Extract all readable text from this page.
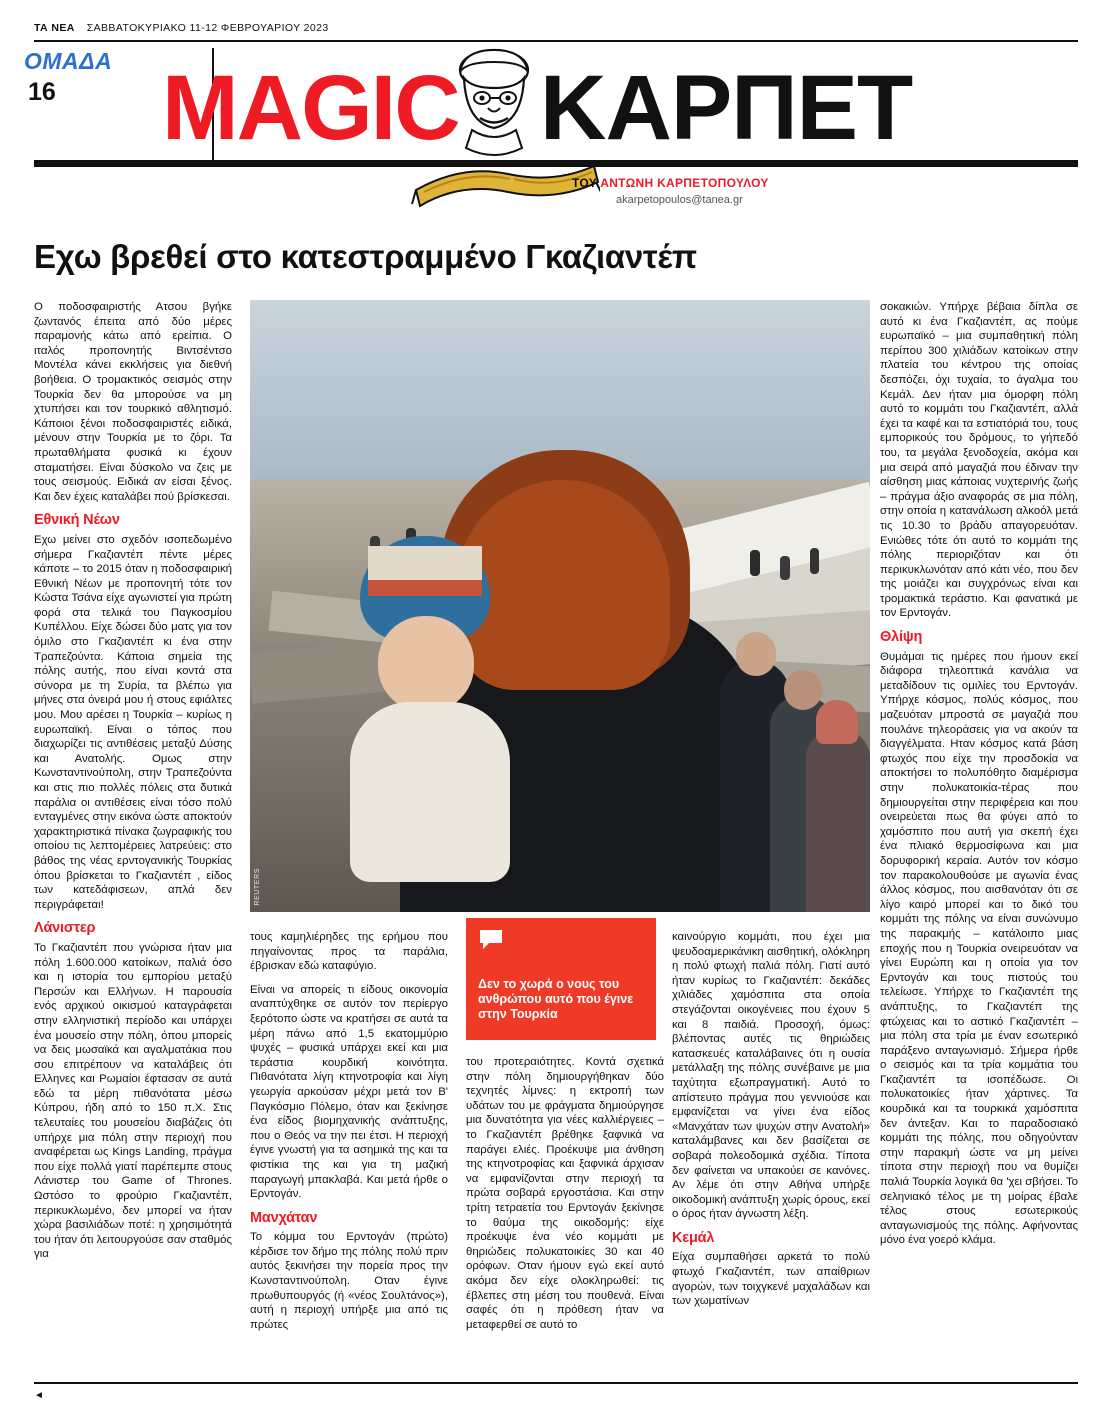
ΤΑ ΝΕΑ ΣΑΒΒΑΤΟΚΥΡΙΑΚΟ 11-12 ΦΕΒΡΟΥΑΡΙΟΥ 2023
ΟΜΑΔΑ
16 MAGIC ΚΑΡΠΕΤ
ΤΟΥ ΑΝΤΩΝΗ ΚΑΡΠΕΤΟΠΟΥΛΟΥ
akarpetopoulos@tanea.gr
Εχω βρεθεί στο κατεστραμμένο Γκαζιαντέπ
REUTERS
Δεν το χωρά ο νους του ανθρώπου αυτό που έγινε στην Τουρκία

Ο ποδοσφαιριστής Ατσου βγήκε ζωντανός έπειτα από δύο μέρες παραμονής κάτω από ερείπια. Ο ιταλός προπονητής Βιντσέντσο Μοντέλα κάνει εκκλήσεις για διεθνή βοήθεια. Ο τρομακτικός σεισμός στην Τουρκία δεν θα μπορούσε να μη χτυπήσει και τον τουρκικό αθλητισμό. Κάποιοι ξένοι ποδοσφαιριστές ειδικά, μένουν στην Τουρκία με το ζόρι. Τα πρωταθλήματα φυσικά κι έχουν σταματήσει. Είναι δύσκολο να ζεις με τους σεισμούς. Ειδικά αν είσαι ξένος. Και δεν έχεις καταλάβει πού βρίσκεσαι.

Εθνική Νέων

Εχω μείνει στο σχεδόν ισοπεδωμένο σήμερα Γκαζιαντέπ πέντε μέρες κάποτε – το 2015 όταν η ποδοσφαιρική Εθνική Νέων με προπονητή τότε τον Κώστα Τσάνα είχε αγωνιστεί για πρώτη φορά στα τελικά του Παγκοσμίου Κυπέλλου. Είχε δώσει δύο ματς για τον όμιλο στο Γκαζιαντέπ κι ένα στην Τραπεζούντα. Κάποια σημεία της πόλης αυτής, που είναι κοντά στα σύνορα με τη Συρία, τα βλέπω για μήνες στα όνειρά μου ή στους εφιάλτες μου. Μου αρέσει η Τουρκία – κυρίως η ευρωπαϊκή. Είναι ο τόπος που διαχωρίζει τις αντιθέσεις μεταξύ Δύσης και Ανατολής. Ομως στην Κωνσταντινούπολη, στην Τραπεζούντα και στις πιο πολλές πόλεις στα δυτικά παράλια οι αντιθέσεις είναι τόσο πολύ ενταγμένες στην εικόνα ώστε αποκτούν χαρακτηριστικά πίνακα ζωγραφικής του οποίου τις λεπτομέρειες λατρεύεις: στο βάθος της νέας ερντογανικής Τουρκίας όπου βρίσκεται το Γκαζιαντέπ , είδος των κατεδάφισεων, απλά δεν περιγράφεται!

Λάνιστερ

Το Γκαζιαντέπ που γνώρισα ήταν μια πόλη 1.600.000 κατοίκων, παλιά όσο και η ιστορία του εμπορίου μεταξύ Περσών και Ελλήνων. Η παρουσία ενός αρχικού οικισμού καταγράφεται στην ελληνιστική περίοδο και υπάρχει ένα μουσείο στην πόλη, όπου μπορείς να δεις μωσαϊκά και αγαλματάκια που σου επιτρέπουν να καταλάβεις ότι Ελληνες και Ρωμαίοι έφτασαν σε αυτά εδώ τα μέρη πιθανότατα μέσω Κύπρου, ήδη από το 150 π.Χ. Στις τελευταίες του μουσείου διαβάζεις ότι υπήρχε μια πόλη στην περιοχή που αναφέρεται ως Kings Landing, πράγμα που είχε πολλά γιατί παρέπεμπε στους Λάνιστερ του Game of Thrones. Ωστόσο το φρούριο Γκαζιαντέπ, περικυκλωμένο, δεν μπορεί να ήταν χώρα βασιλιάδων ποτέ: η χρησιμότητά του ήταν ότι λειτουργούσε σαν σταθμός για

τους καμηλιέρηδες της ερήμου που πηγαίνοντας προς τα παράλια, έβρισκαν εδώ καταφύγιο.

Είναι να απορείς τι είδους οικονομία αναπτύχθηκε σε αυτόν τον περίεργο ξερότοπο ώστε να κρατήσει σε αυτά τα μέρη πάνω από 1,5 εκατομμύριο ψυχές – φυσικά υπάρχει εκεί και μια τεράστια κουρδική κοινότητα. Πιθανότατα λίγη κτηνοτροφία και λίγη γεωργία αρκούσαν μέχρι μετά τον Β' Παγκόσμιο Πόλεμο, όταν και ξεκίνησε ένα είδος βιομηχανικής ανάπτυξης, που ο Θεός να την πει έτσι. Η περιοχή έγινε γνωστή για τα ασημικά της και τα φιστίκια της και για τη μαζική παραγωγή μπακλαβά. Και μετά ήρθε ο Ερντογάν.

Μανχάταν

Το κόμμα του Ερντογάν (πρώτο) κέρδισε τον δήμο της πόλης πολύ πριν αυτός ξεκινήσει την πορεία προς την Κωνσταντινούπολη. Οταν έγινε πρωθυπουργός (ή «νέος Σουλτάνος»), αυτή η περιοχή υπήρξε μια από τις πρώτες

του προτεραιότητες. Κοντά σχετικά στην πόλη δημιουργήθηκαν δύο τεχνητές λίμνες: η εκτροπή των υδάτων του με φράγματα δημιούργησε μια δυνατότητα για νέες καλλιέργειες – το Γκαζιαντέπ βρέθηκε ξαφνικά να παράγει ελιές. Προέκυψε μια άνθηση της κτηνοτροφίας και ξαφνικά άρχισαν να εμφανίζονται στην περιοχή τα πρώτα σοβαρά εργοστάσια. Και στην τρίτη τετραετία του Ερντογάν ξεκίνησε το θαύμα της οικοδομής: είχε προέκυψε ένα νέο κομμάτι με θηριώδεις πολυκατοικίες 30 και 40 ορόφων. Οταν ήμουν εγώ εκεί αυτό ακόμα δεν είχε ολοκληρωθεί: τις έβλεπες στη μέση του πουθενά. Είναι σαφές ότι η πρόθεση ήταν να μεταφερθεί σε αυτό το

καινούργιο κομμάτι, που έχει μια ψευδοαμερικάνικη αισθητική, ολόκληρη η πολύ φτωχή παλιά πόλη. Γιατί αυτό ήταν κυρίως το Γκαζιαντέπ: δεκάδες χιλιάδες χαμόσπιτα στα οποία στεγάζονται οικογένειες που έχουν 5 και 8 παιδιά. Προσοχή, όμως: βλέποντας αυτές τις θηριώδεις κατασκευές καταλάβαινες ότι η ουσία μετάλλαξη της πόλης συνέβαινε με μια ταχύτητα εξωπραγματική. Αυτό το απίστευτο πράγμα που γεννιούσε και εμφανίζεται να γίνει ένα είδος «Μανχάταν των ψυχών στην Ανατολή» καταλάμβανες και δεν βασίζεται σε σοβαρά πολεοδομικά σχέδια. Τίποτα δεν φαίνεται να υπακούει σε κανόνες. Αν λέμε ότι στην Αθήνα υπήρξε οικοδομική ανάπτυξη χωρίς όρους, εκεί ο όρος ήταν άγνωστη λέξη.

Κεμάλ

Είχα συμπαθήσει αρκετά το πολύ φτωχό Γκαζιαντέπ, των απαίθριων αγορών, των τοιχγκενέ μαχαλάδων και των χωματίνων

σοκακιών. Υπήρχε βέβαια δίπλα σε αυτό κι ένα Γκαζιαντέπ, ας πούμε ευρωπαϊκό – μια συμπαθητική πόλη περίπου 300 χιλιάδων κατοίκων στην πλατεία του κέντρου της οποίας δεσπόζει, όχι τυχαία, το άγαλμα του Κεμάλ. Δεν ήταν μια όμορφη πόλη αυτό το κομμάτι του Γκαζιαντέπ, αλλά έχει τα καφέ και τα εστιατόριά του, τους εμπορικούς του δρόμους, το γήπεδό του, τα μεγάλα ξενοδοχεία, ακόμα και μια σειρά από μαγαζιά που έδιναν την αίσθηση μιας κάποιας νυχτερινής ζωής – πράγμα άξιο αναφοράς σε μια πόλη, στην οποία η κατανάλωση αλκοόλ μετά τις 10.30 το βράδυ απαγορευόταν. Ενιώθες τότε ότι αυτό το κομμάτι της πόλης περιοριζόταν και ότι περικυκλωνόταν από κάτι νέο, που δεν της μοιάζει και συγχρόνως είναι και τρομακτικά τεράστιο. Και φανατικά με τον Ερντογάν.

Θλίψη

Θυμάμαι τις ημέρες που ήμουν εκεί διάφορα τηλεοπτικά κανάλια να μεταδίδουν τις ομιλίες του Ερντογάν. Υπήρχε κόσμος, πολύς κόσμος, που μαζευόταν μπροστά σε μαγαζιά που πουλάνε τηλεοράσεις για να ακούν τα διαγγέλματα. Ηταν κόσμος κατά βάση φτωχός που είχε την προσδοκία να αποκτήσει το πολυπόθητο διαμέρισμα στην πολυκατοικία-τέρας που δημιουργείται στην περιφέρεια και που ονειρεύεται πως θα φύγει από το χαμόσπιτο που αυτή για σκεπή έχει ένα πλιακό θερμοσίφωνα και μια δορυφορική κεραία. Αυτόν τον κόσμο τον παρακολουθούσε με αγωνία ένας άλλος κόσμος, που αισθανόταν ότι σε λίγο καιρό μπορεί και το δικό του κομμάτι της πόλης να είναι συνώνυμο της παρακμής – κατάλοιπο μιας εποχής που η Τουρκία ονειρευόταν να γίνει Ευρώπη και η οποία για τον Ερντογάν και τους πιστούς του τελείωσε. Υπήρχε το Γκαζιαντέπ της ανάπτυξης, το Γκαζιαντέπ της φτώχειας και το αστικό Γκαζιαντέπ – μια πόλη στα τρία με έναν εσωτερικό παράξενο ανταγωνισμό. Σήμερα ήρθε ο σεισμός και τα τρία κομμάτια του Γκαζιαντέπ τα ισοπέδωσε. Οι πολυκατοικίες ήταν χάρτινες. Τα κουρδικά και τα τουρκικά χαμόσπιτα δεν άντεξαν. Και το παραδοσιακό κομμάτι της πόλης, που οδηγούνταν στην παρακμή ώστε να μη μείνει τίποτα στην περιοχή που να θυμίζει παλιά Τουρκία λογικά θα 'χει σβήσει. Το σεληνιακό τέλος με τη μοίρας έβαλε τέλος στους εσωτερικούς ανταγωνισμούς της πόλης. Αφήνοντας μόνο ένα γοερό κλάμα.

◄
